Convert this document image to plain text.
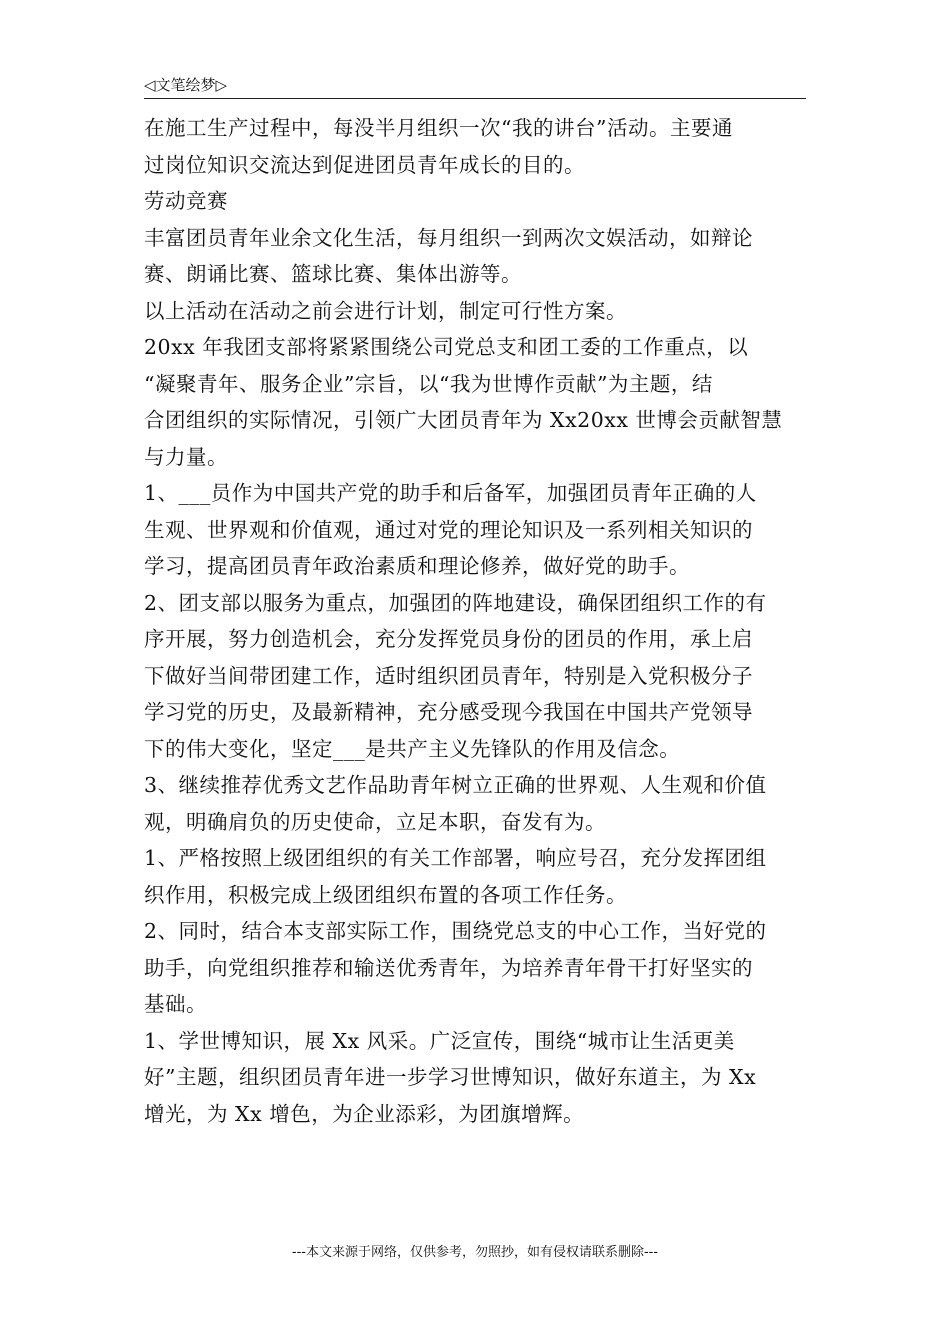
◁文笔绘梦▷

在施工生产过程中，每没半月组织一次“我的讲台”活动。主要通

过岗位知识交流达到促进团员青年成长的目的。

劳动竞赛

丰富团员青年业余文化生活，每月组织一到两次文娱活动，如辩论

赛、朗诵比赛、篮球比赛、集体出游等。

以上活动在活动之前会进行计划，制定可行性方案。

20xx 年我团支部将紧紧围绕公司党总支和团工委的工作重点，以

“凝聚青年、服务企业”宗旨，以“我为世博作贡献”为主题，结

合团组织的实际情况，引领广大团员青年为 Xx20xx 世博会贡献智慧

与力量。

1、___员作为中国共产党的助手和后备军，加强团员青年正确的人

生观、世界观和价值观，通过对党的理论知识及一系列相关知识的

学习，提高团员青年政治素质和理论修养，做好党的助手。

2、团支部以服务为重点，加强团的阵地建设，确保团组织工作的有

序开展，努力创造机会，充分发挥党员身份的团员的作用，承上启

下做好当间带团建工作，适时组织团员青年，特别是入党积极分子

学习党的历史，及最新精神，充分感受现今我国在中国共产党领导

下的伟大变化，坚定___是共产主义先锋队的作用及信念。

3、继续推荐优秀文艺作品助青年树立正确的世界观、人生观和价值

观，明确肩负的历史使命，立足本职，奋发有为。

1、严格按照上级团组织的有关工作部署，响应号召，充分发挥团组

织作用，积极完成上级团组织布置的各项工作任务。

2、同时，结合本支部实际工作，围绕党总支的中心工作，当好党的

助手，向党组织推荐和输送优秀青年，为培养青年骨干打好坚实的

基础。

1、学世博知识，展 Xx 风采。广泛宣传，围绕“城市让生活更美

好”主题，组织团员青年进一步学习世博知识，做好东道主，为 Xx

增光，为 Xx 增色，为企业添彩，为团旗增辉。

---本文来源于网络，仅供参考，勿照抄，如有侵权请联系删除---
